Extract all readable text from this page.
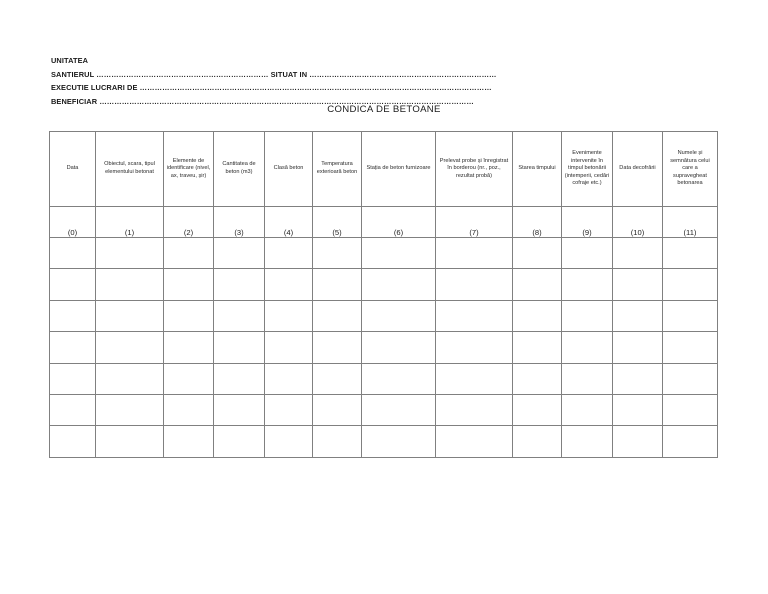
UNITATEA
SANTIERUL …………………………………………………………… SITUAT IN …………………………………………………………………
EXECUTIE LUCRARI DE ……………………………………………………………………………………………………………………………
BENEFICIAR ……………………………………………………………………………………………………………………………………
CONDICA DE BETOANE
Data	Obiectul, scara, tipul elementului betonat	Elemente de identificare (nivel, ax, traveu, șir)	Cantitatea de beton (m3)	Clasă beton	Temperatura exterioară beton	Stația de beton furnizoare	Prelevat probe și înregistrat în borderou (nr., poz., rezultat probă)	Starea timpului	Evenimente intervenite în timpul betonării (intemperii, cedări cofraje etc.)	Data decofrării	Numele și semnătura celui care a supravegheat betonarea
(0)	(1)	(2)	(3)	(4)	(5)	(6)	(7)	(8)	(9)	(10)	(11)
